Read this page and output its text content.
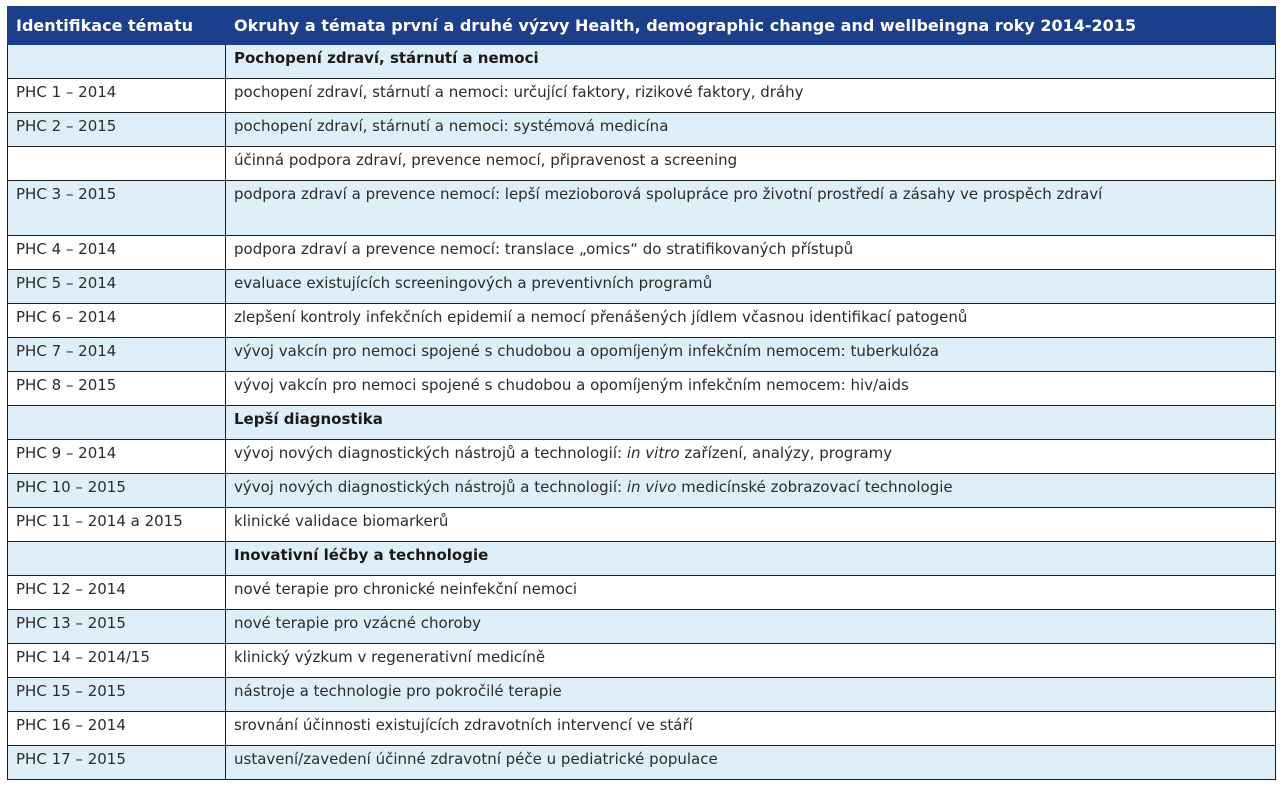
Identifikace tématu	Okruhy a témata první a druhé výzvy Health, demographic change and wellbeingna roky 2014-2015
	Pochopení zdraví, stárnutí a nemoci
PHC 1 – 2014	pochopení zdraví, stárnutí a nemoci: určující faktory, rizikové faktory, dráhy
PHC 2 – 2015	pochopení zdraví, stárnutí a nemoci: systémová medicína
	účinná podpora zdraví, prevence nemocí, připravenost a screening
PHC 3 – 2015	podpora zdraví a prevence nemocí: lepší mezioborová spolupráce pro životní prostředí a zásahy ve prospěch zdraví
PHC 4 – 2014	podpora zdraví a prevence nemocí: translace „omics“ do stratifikovaných přístupů
PHC 5 – 2014	evaluace existujících screeningových a preventivních programů
PHC 6 – 2014	zlepšení kontroly infekčních epidemií a nemocí přenášených jídlem včasnou identifikací patogenů
PHC 7 – 2014	vývoj vakcín pro nemoci spojené s chudobou a opomíjeným infekčním nemocem: tuberkulóza
PHC 8 – 2015	vývoj vakcín pro nemoci spojené s chudobou a opomíjeným infekčním nemocem: hiv/aids
	Lepší diagnostika
PHC 9 – 2014	vývoj nových diagnostických nástrojů a technologií: in vitro zařízení, analýzy, programy
PHC 10 – 2015	vývoj nových diagnostických nástrojů a technologií: in vivo medicínské zobrazovací technologie
PHC 11 – 2014 a 2015	klinické validace biomarkerů
	Inovativní léčby a technologie
PHC 12 – 2014	nové terapie pro chronické neinfekční nemoci
PHC 13 – 2015	nové terapie pro vzácné choroby
PHC 14 – 2014/15	klinický výzkum v regenerativní medicíně
PHC 15 – 2015	nástroje a technologie pro pokročilé terapie
PHC 16 – 2014	srovnání účinnosti existujících zdravotních intervencí ve stáří
PHC 17 – 2015	ustavení/zavedení účinné zdravotní péče u pediatrické populace
